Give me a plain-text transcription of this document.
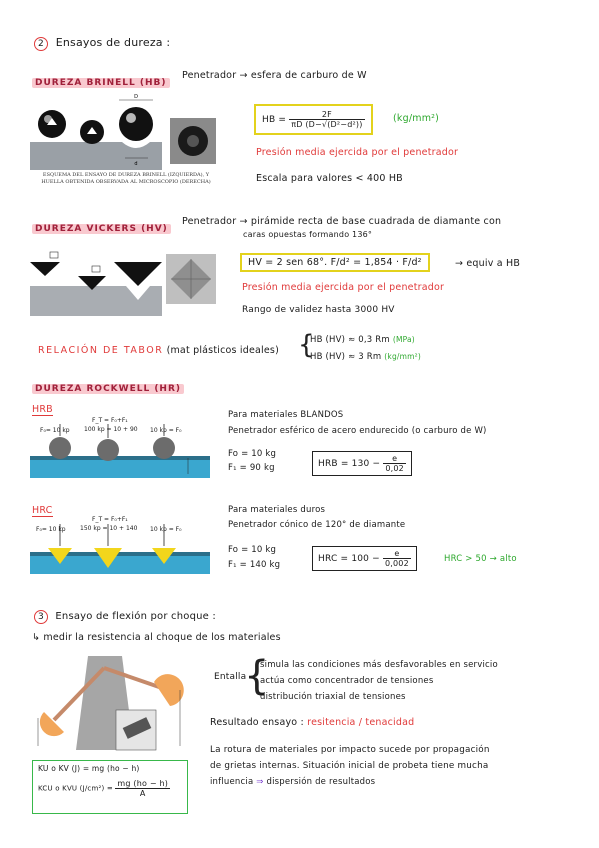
2 Ensayos de dureza :
DUREZA BRINELL (HB)
Penetrador → esfera de carburo de W
D
d
ESQUEMA DEL ENSAYO DE DUREZA BRINELL (IZQUIERDA), Y HUELLA OBTENIDA OBSERVADA AL MICROSCOPIO (DERECHA)
HB = $\frac{2F}{\text{πD (D−√(D²−d²))}}$	(kg/mm²)
Presión media ejercida por el penetrador
Escala para valores < 400 HB
DUREZA VICKERS (HV)
Penetrador → pirámide recta de base cuadrada de diamante con
caras opuestas formando 136°
HV = 2 sen 68°. F/d² = 1,854 · F/d²	→ equiv a HB
Presión media ejercida por el penetrador
Rango de validez hasta 3000 HV
RELACIÓN DE TABOR (mat plásticos ideales) {
HB (HV) ≈ 0,3 Rm (MPa)
HB (HV) ≈ 3 Rm (kg/mm²)
DUREZA ROCKWELL (HR)
HRB
F₀= 10 kp
F_T = F₀+F₁
100 kp = 10 + 90 10 kp = F₀
Para materiales BLANDOS
Penetrador esférico de acero endurecido (o carburo de W)
Fo = 10 kg
F₁ = 90 kg	HRB = $130 - \frac{e}{0,02}$
HRC
F₀= 10 kp
F_T = F₀+F₁
150 kp = 10 + 140 10 kp = F₀
Para materiales duros
Penetrador cónico de 120° de diamante
Fo = 10 kg
F₁ = 140 kg
HRC = $100 - \frac{e}{0,002}$	HRC > 50 → alto
3 Ensayo de flexión por choque :
↳ medir la resistencia al choque de los materiales
Entalla
{
simula las condiciones más desfavorables en servicio
actúa como concentrador de tensiones
distribución triaxial de tensiones
Resultado ensayo : resitencia / tenacidad
La rotura de materiales por impacto sucede por propagación
de grietas internas. Situación inicial de probeta tiene mucha
influencia ⇒ dispersión de resultados
KU o KV (J) = mg (ho − h)
KCU o KVU $(J/cm^2) = \frac{mg (ho - h)}{A}$
